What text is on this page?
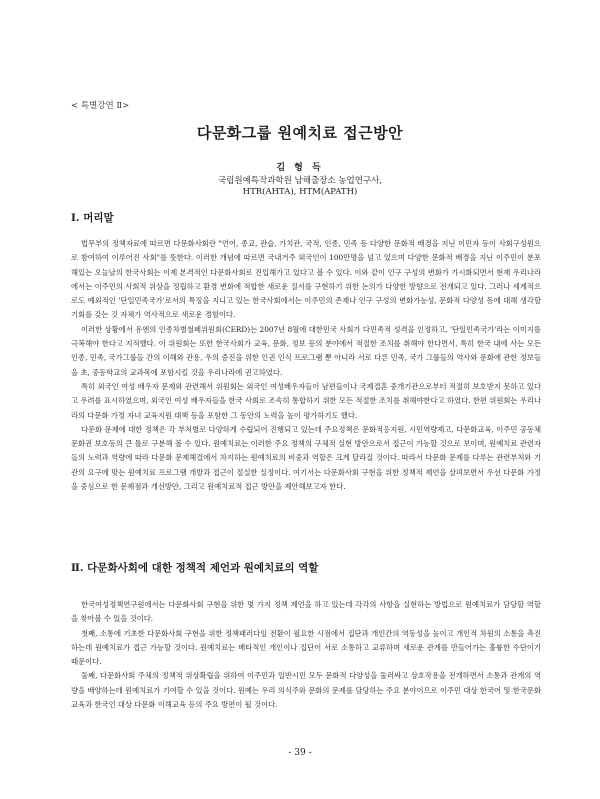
< 특별강연 Ⅱ>
다문화그룹 원예치료 접근방안
김 형 득
국립원예특작과학원 남해출장소 농업연구사,
HTR(AHTA), HTM(APATH)
Ⅰ. 머리말

법무부의 정책자료에 따르면 다문화사회란 "언어, 종교, 관습, 가치관, 국적, 인종, 민족 등 다양한 문화적 배경을 지닌 이민자 등이 사회구성원으로 참여하여 이루어진 사회"를 뜻한다. 이러한 개념에 따르면 국내거주 외국인이 100만명을 넘고 있으며 다양한 문화적 배경을 지닌 이주민이 분포해있는 오늘날의 한국사회는 이제 본격적인 다문화사회로 진입해가고 있다고 볼 수 있다. 이와 같이 인구 구성의 변화가 가시화되면서 현재 우리나라에서는 이주민의 사회적 위상을 정립하고 환경 변화에 적합한 새로운 질서를 구현하기 위한 논의가 다양한 방향으로 전개되고 있다. 그러나 세계적으로도 예외적인 '단일민족국가'로서의 특징을 지니고 있는 한국사회에서는 이주민의 존재나 인구 구성의 변화가능성, 문화적 다양성 등에 대해 생각할 기회를 갖는 것 자체가 역사적으로 새로운 경험이다.

이러한 상황에서 유엔의 인종차별철폐위원회(CERD)는 2007년 8월에 대한민국 사회가 다민족적 성격을 인정하고, '단일민족국가'라는 이미지를 극복해야 한다고 지적했다. 이 위원회는 또한 한국사회가 교육, 문화, 정보 등의 분야에서 적절한 조치를 취해야 한다면서, 특히 한국 내에 사는 모든 인종, 민족, 국가그룹들 간의 이해와 관용, 우의 증진을 위한 인권 인식 프로그램 뿐 아니라 서로 다른 민족, 국가 그룹들의 역사와 문화에 관한 정보들을 초, 중등학교의 교과목에 포함시킬 것을 우리나라에 권고하였다.

특히 외국인 여성 배우자 문제와 관련해서 위원회는 외국인 여성배우자들이 남편들이나 국제결혼 중개기관으로부터 적절히 보호받지 못하고 있다고 우려를 표시하였으며, 외국인 여성 배우자들을 한국 사회로 조속히 통합하기 위한 모든 적절한 조치를 취해야한다고 하였다. 한편 위원회는 우리나라의 다문화 가정 자녀 교육지원 대책 등을 포함한 그 동안의 노력을 높이 평가하기도 했다.

다문화 문제에 대한 정책은 각 부처별로 다양하게 수립되어 진행되고 있는데 주요정책은 문화적응지원, 시민역량제고, 다문화교육, 이주민 공동체 문화권 보호등의 큰 틀로 구분해 볼 수 있다. 원예치료는 이러한 주요 정책의 구체적 실현 방안으로서 접근이 가능할 것으로 보이며, 원예치료 관련자들의 노력과 역량에 따라 다문화 문제해결에서 차지하는 원예치료의 비중과 역할은 크게 달라질 것이다. 따라서 다문화 문제를 다루는 관련부처와 기관의 요구에 맞는 원예치료 프로그램 개발과 접근이 절실한 실정이다. 여기서는 다문화사회 구현을 위한 정책적 제언을 살펴보면서 우선 다문화 가정을 중심으로 한 문제점과 개선방안, 그리고 원예치료적 접근 방안을 제안해보고자 한다.

Ⅱ. 다문화사회에 대한 정책적 제언과 원예치료의 역할

한국여성정책연구원에서는 다문화사회 구현을 위한 몇 가지 정책 제언을 하고 있는데 각각의 사항을 실현하는 방법으로 원예치료가 담당할 역할을 찾아볼 수 있을 것이다.

첫째, 소통에 기초한 다문화사회 구현을 위한 정책패러다임 전환이 필요한 시점에서 집단과 개인간의 역동성을 높이고 개인적 차원의 소통을 촉진하는데 원예치료가 접근 가능할 것이다. 원예치료는 배타적인 개인이나 집단이 서로 소통하고 교류하며 새로운 관계를 만들어가는 훌륭한 수단이기 때문이다.

둘째, 다문화사회 주체의 정책적 위상확립을 위하여 이주민과 일반시민 모두 문화적 다양성을 둘러싸고 상호작용을 전개하면서 소통과 관계의 역량을 배양하는데 원예치료가 기여할 수 있을 것이다. 원예는 우리 의식주와 문화의 문제를 담당하는 주요 분야이므로 이주민 대상 한국어 및 한국문화교육과 한국인 대상 다문화 이해교육 등의 주요 방편이 될 것이다.

- 39 -
